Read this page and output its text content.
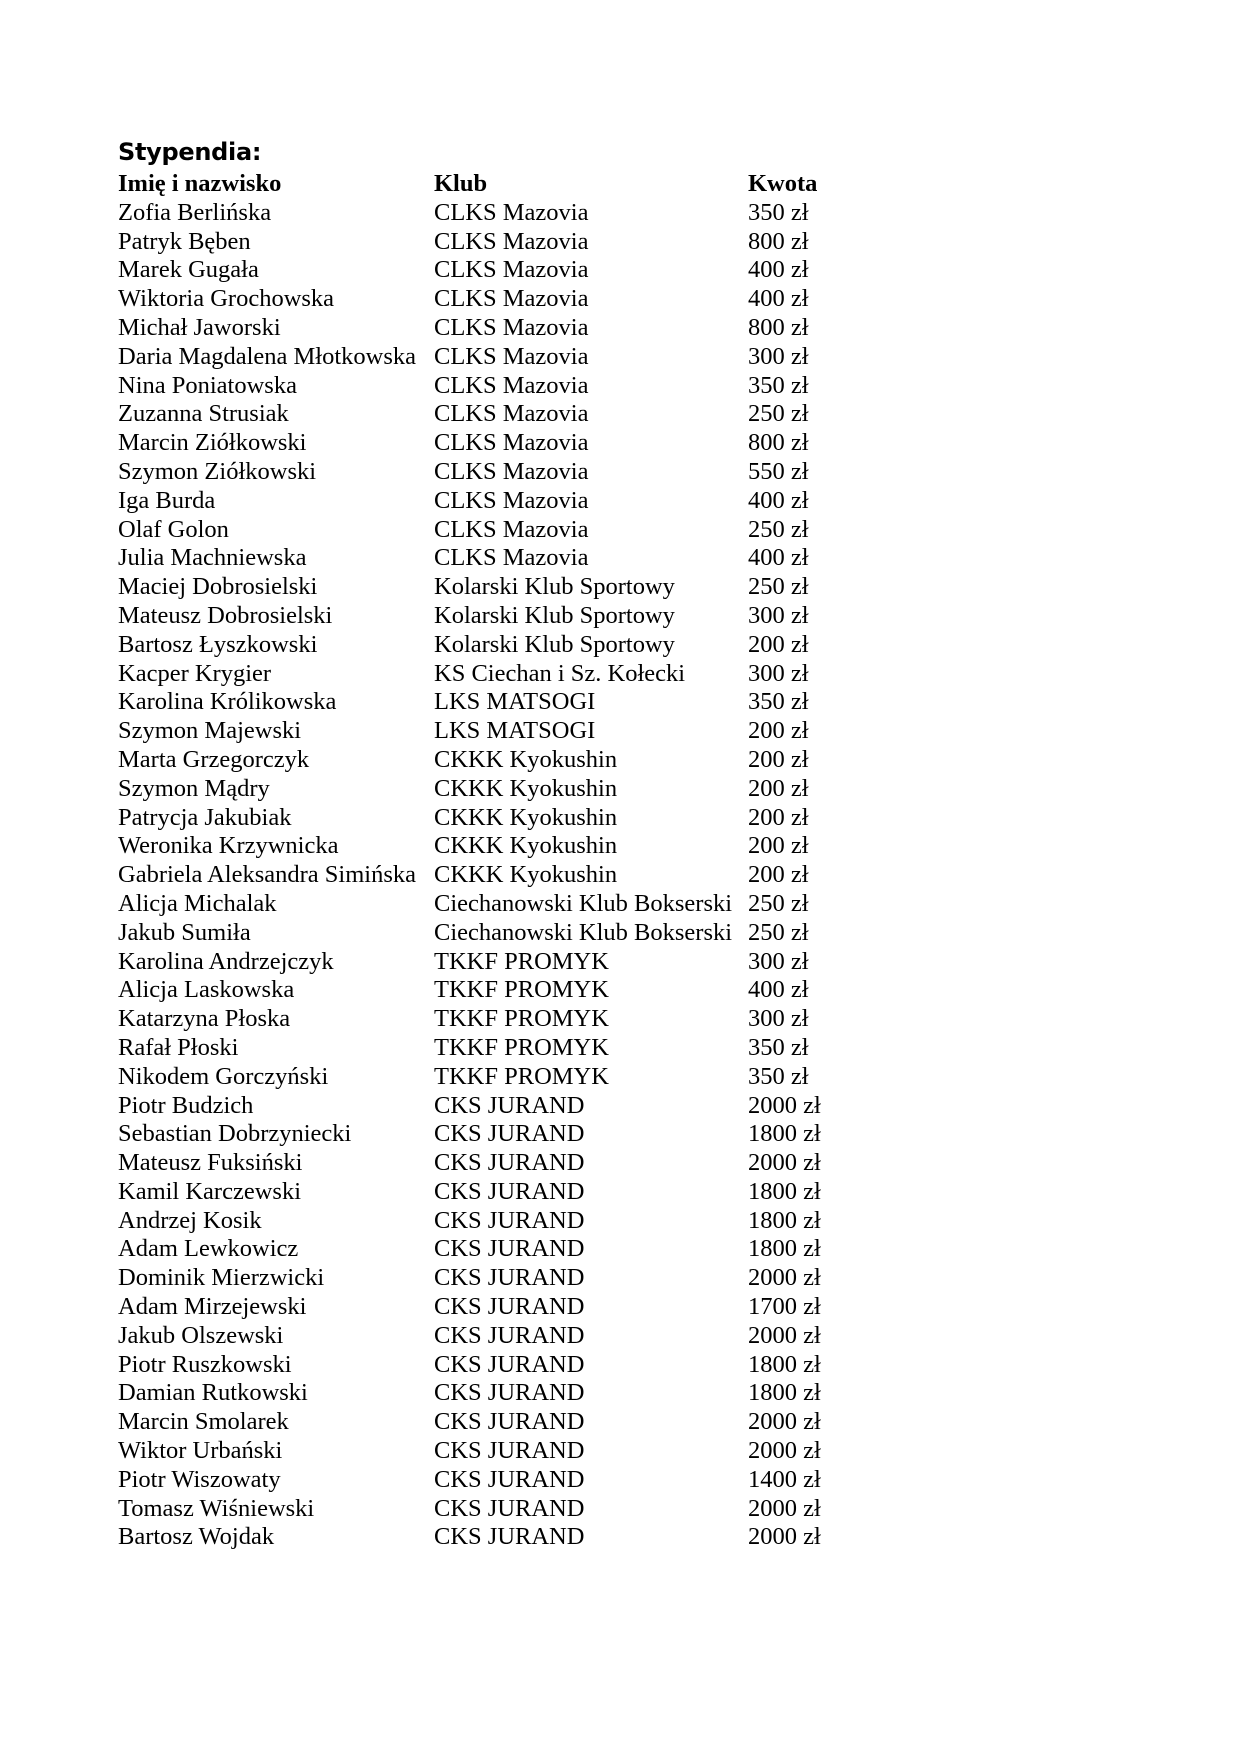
Stypendia:
Imię i nazwisko	Klub	Kwota
Zofia Berlińska	CLKS Mazovia	350 zł
Patryk Bęben	CLKS Mazovia	800 zł
Marek Gugała	CLKS Mazovia	400 zł
Wiktoria Grochowska	CLKS Mazovia	400 zł
Michał Jaworski	CLKS Mazovia	800 zł
Daria Magdalena Młotkowska	CLKS Mazovia	300 zł
Nina Poniatowska	CLKS Mazovia	350 zł
Zuzanna Strusiak	CLKS Mazovia	250 zł
Marcin Ziółkowski	CLKS Mazovia	800 zł
Szymon Ziółkowski	CLKS Mazovia	550 zł
Iga Burda	CLKS Mazovia	400 zł
Olaf Golon	CLKS Mazovia	250 zł
Julia Machniewska	CLKS Mazovia	400 zł
Maciej Dobrosielski	Kolarski Klub Sportowy	250 zł
Mateusz Dobrosielski	Kolarski Klub Sportowy	300 zł
Bartosz Łyszkowski	Kolarski Klub Sportowy	200 zł
Kacper Krygier	KS Ciechan i Sz. Kołecki	300 zł
Karolina Królikowska	LKS MATSOGI	350 zł
Szymon Majewski	LKS MATSOGI	200 zł
Marta Grzegorczyk	CKKK Kyokushin	200 zł
Szymon Mądry	CKKK Kyokushin	200 zł
Patrycja Jakubiak	CKKK Kyokushin	200 zł
Weronika Krzywnicka	CKKK Kyokushin	200 zł
Gabriela Aleksandra Simińska	CKKK Kyokushin	200 zł
Alicja Michalak	Ciechanowski Klub Bokserski	250 zł
Jakub Sumiła	Ciechanowski Klub Bokserski	250 zł
Karolina Andrzejczyk	TKKF PROMYK	300 zł
Alicja Laskowska	TKKF PROMYK	400 zł
Katarzyna Płoska	TKKF PROMYK	300 zł
Rafał Płoski	TKKF PROMYK	350 zł
Nikodem Gorczyński	TKKF PROMYK	350 zł
Piotr Budzich	CKS JURAND	2000 zł
Sebastian Dobrzyniecki	CKS JURAND	1800 zł
Mateusz Fuksiński	CKS JURAND	2000 zł
Kamil Karczewski	CKS JURAND	1800 zł
Andrzej Kosik	CKS JURAND	1800 zł
Adam Lewkowicz	CKS JURAND	1800 zł
Dominik Mierzwicki	CKS JURAND	2000 zł
Adam Mirzejewski	CKS JURAND	1700 zł
Jakub Olszewski	CKS JURAND	2000 zł
Piotr Ruszkowski	CKS JURAND	1800 zł
Damian Rutkowski	CKS JURAND	1800 zł
Marcin Smolarek	CKS JURAND	2000 zł
Wiktor Urbański	CKS JURAND	2000 zł
Piotr Wiszowaty	CKS JURAND	1400 zł
Tomasz Wiśniewski	CKS JURAND	2000 zł
Bartosz Wojdak	CKS JURAND	2000 zł
